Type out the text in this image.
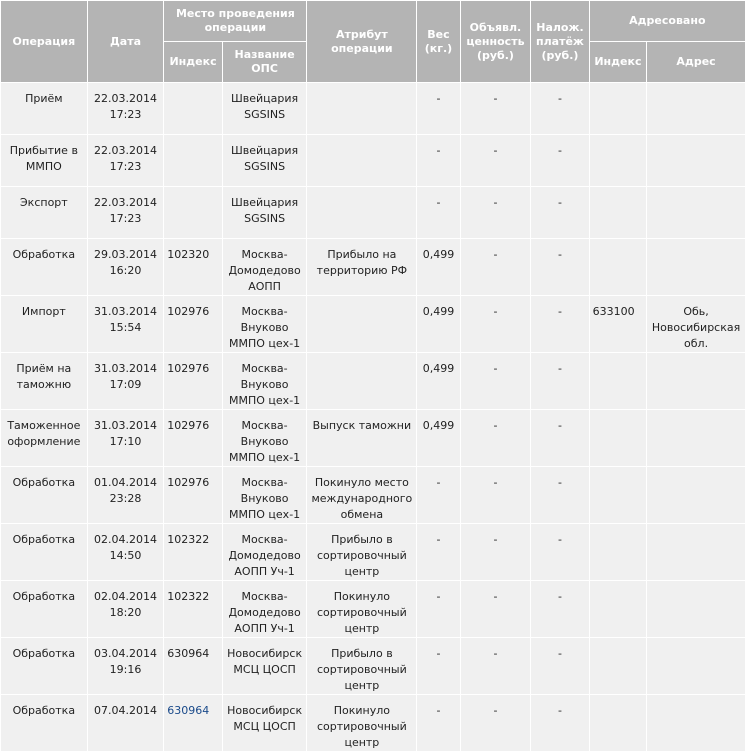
Операция	Дата	Место проведения операции		Атрибут операции	Вес (кг.)	Объявл. ценность (руб.)	Налож. платёж (руб.)	Адресовано	
		Индекс	Название ОПС					Индекс	Адрес
Приём	22.03.2014 17:23		Швейцария SGSINS		-	-	-		
Прибытие в ММПО	22.03.2014 17:23		Швейцария SGSINS		-	-	-		
Экспорт	22.03.2014 17:23		Швейцария SGSINS		-	-	-		
Обработка	29.03.2014 16:20	102320	Москва-Домодедово АОПП	Прибыло на территорию РФ	0,499	-	-		
Импорт	31.03.2014 15:54	102976	Москва-Внуково ММПО цех-1		0,499	-	-	633100	Обь, Новосибирская обл.
Приём на таможню	31.03.2014 17:09	102976	Москва-Внуково ММПО цех-1		0,499	-	-		
Таможенное оформление	31.03.2014 17:10	102976	Москва-Внуково ММПО цех-1	Выпуск таможни	0,499	-	-		
Обработка	01.04.2014 23:28	102976	Москва-Внуково ММПО цех-1	Покинуло место международного обмена	-	-	-		
Обработка	02.04.2014 14:50	102322	Москва-Домодедово АОПП Уч-1	Прибыло в сортировочный центр	-	-	-		
Обработка	02.04.2014 18:20	102322	Москва-Домодедово АОПП Уч-1	Покинуло сортировочный центр	-	-	-		
Обработка	03.04.2014 19:16	630964	Новосибирск МСЦ ЦОСП	Прибыло в сортировочный центр	-	-	-		
Обработка	07.04.2014	630964	Новосибирск МСЦ ЦОСП	Покинуло сортировочный центр	-	-	-		
